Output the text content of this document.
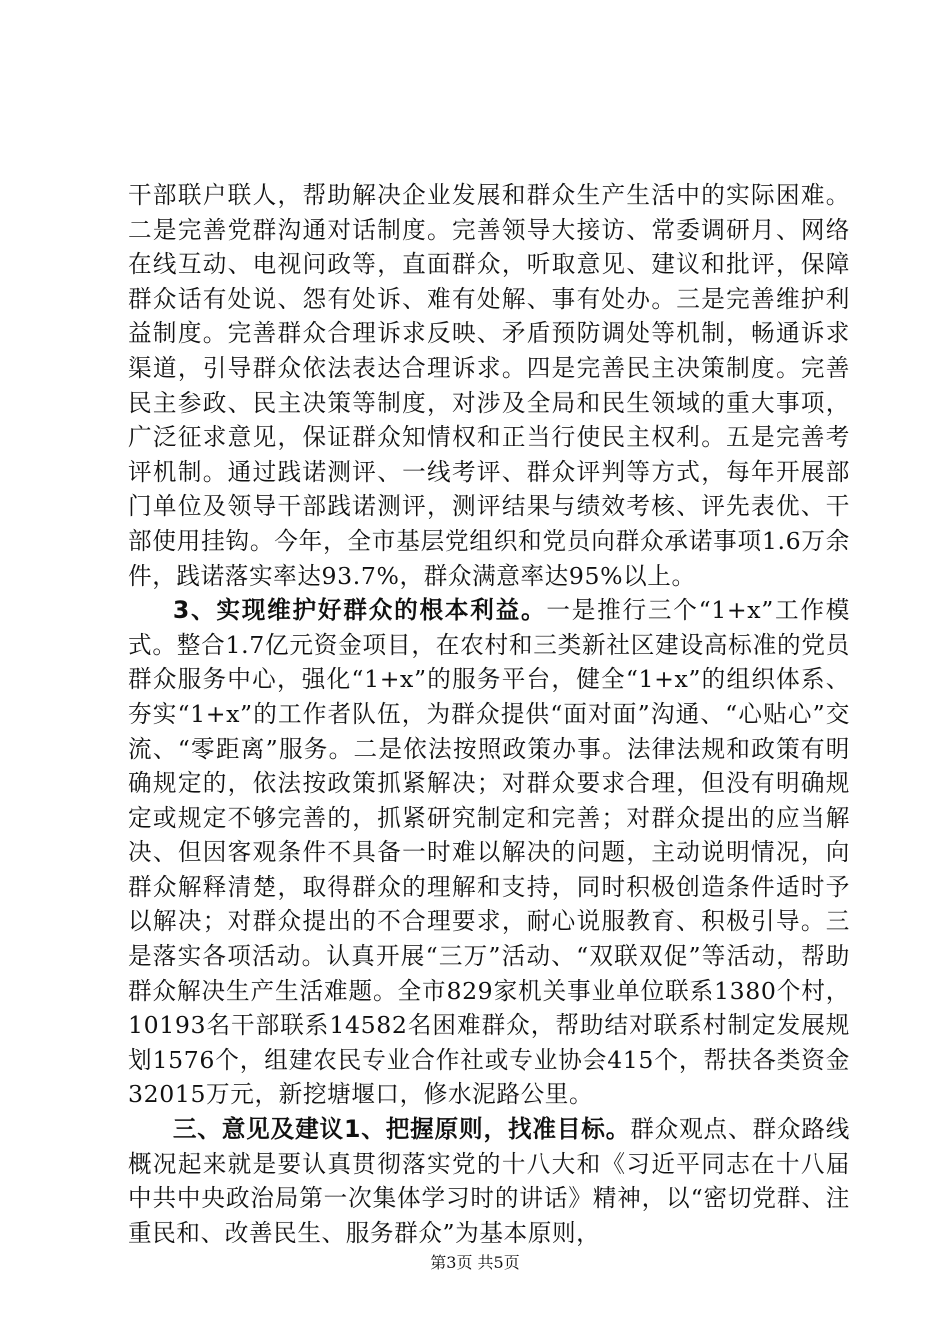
干部联户联人，帮助解决企业发展和群众生产生活中的实际困难。二是完善党群沟通对话制度。完善领导大接访、常委调研月、网络在线互动、电视问政等，直面群众，听取意见、建议和批评，保障群众话有处说、怨有处诉、难有处解、事有处办。三是完善维护利益制度。完善群众合理诉求反映、矛盾预防调处等机制，畅通诉求渠道，引导群众依法表达合理诉求。四是完善民主决策制度。完善民主参政、民主决策等制度，对涉及全局和民生领域的重大事项，广泛征求意见，保证群众知情权和正当行使民主权利。五是完善考评机制。通过践诺测评、一线考评、群众评判等方式，每年开展部门单位及领导干部践诺测评，测评结果与绩效考核、评先表优、干部使用挂钩。今年，全市基层党组织和党员向群众承诺事项1.6万余件，践诺落实率达93.7%，群众满意率达95%以上。

3、实现维护好群众的根本利益。一是推行三个“1+x”工作模式。整合1.7亿元资金项目，在农村和三类新社区建设高标准的党员群众服务中心，强化“1+x”的服务平台，健全“1+x”的组织体系、夯实“1+x”的工作者队伍，为群众提供“面对面”沟通、“心贴心”交流、“零距离”服务。二是依法按照政策办事。法律法规和政策有明确规定的，依法按政策抓紧解决；对群众要求合理，但没有明确规定或规定不够完善的，抓紧研究制定和完善；对群众提出的应当解决、但因客观条件不具备一时难以解决的问题，主动说明情况，向群众解释清楚，取得群众的理解和支持，同时积极创造条件适时予以解决；对群众提出的不合理要求，耐心说服教育、积极引导。三是落实各项活动。认真开展“三万”活动、“双联双促”等活动，帮助群众解决生产生活难题。全市829家机关事业单位联系1380个村，10193名干部联系14582名困难群众，帮助结对联系村制定发展规划1576个，组建农民专业合作社或专业协会415个，帮扶各类资金32015万元，新挖塘堰口，修水泥路公里。

三、意见及建议1、把握原则，找准目标。群众观点、群众路线概况起来就是要认真贯彻落实党的十八大和《习近平同志在十八届中共中央政治局第一次集体学习时的讲话》精神，以“密切党群、注重民和、改善民生、服务群众”为基本原则，

第3页 共5页
